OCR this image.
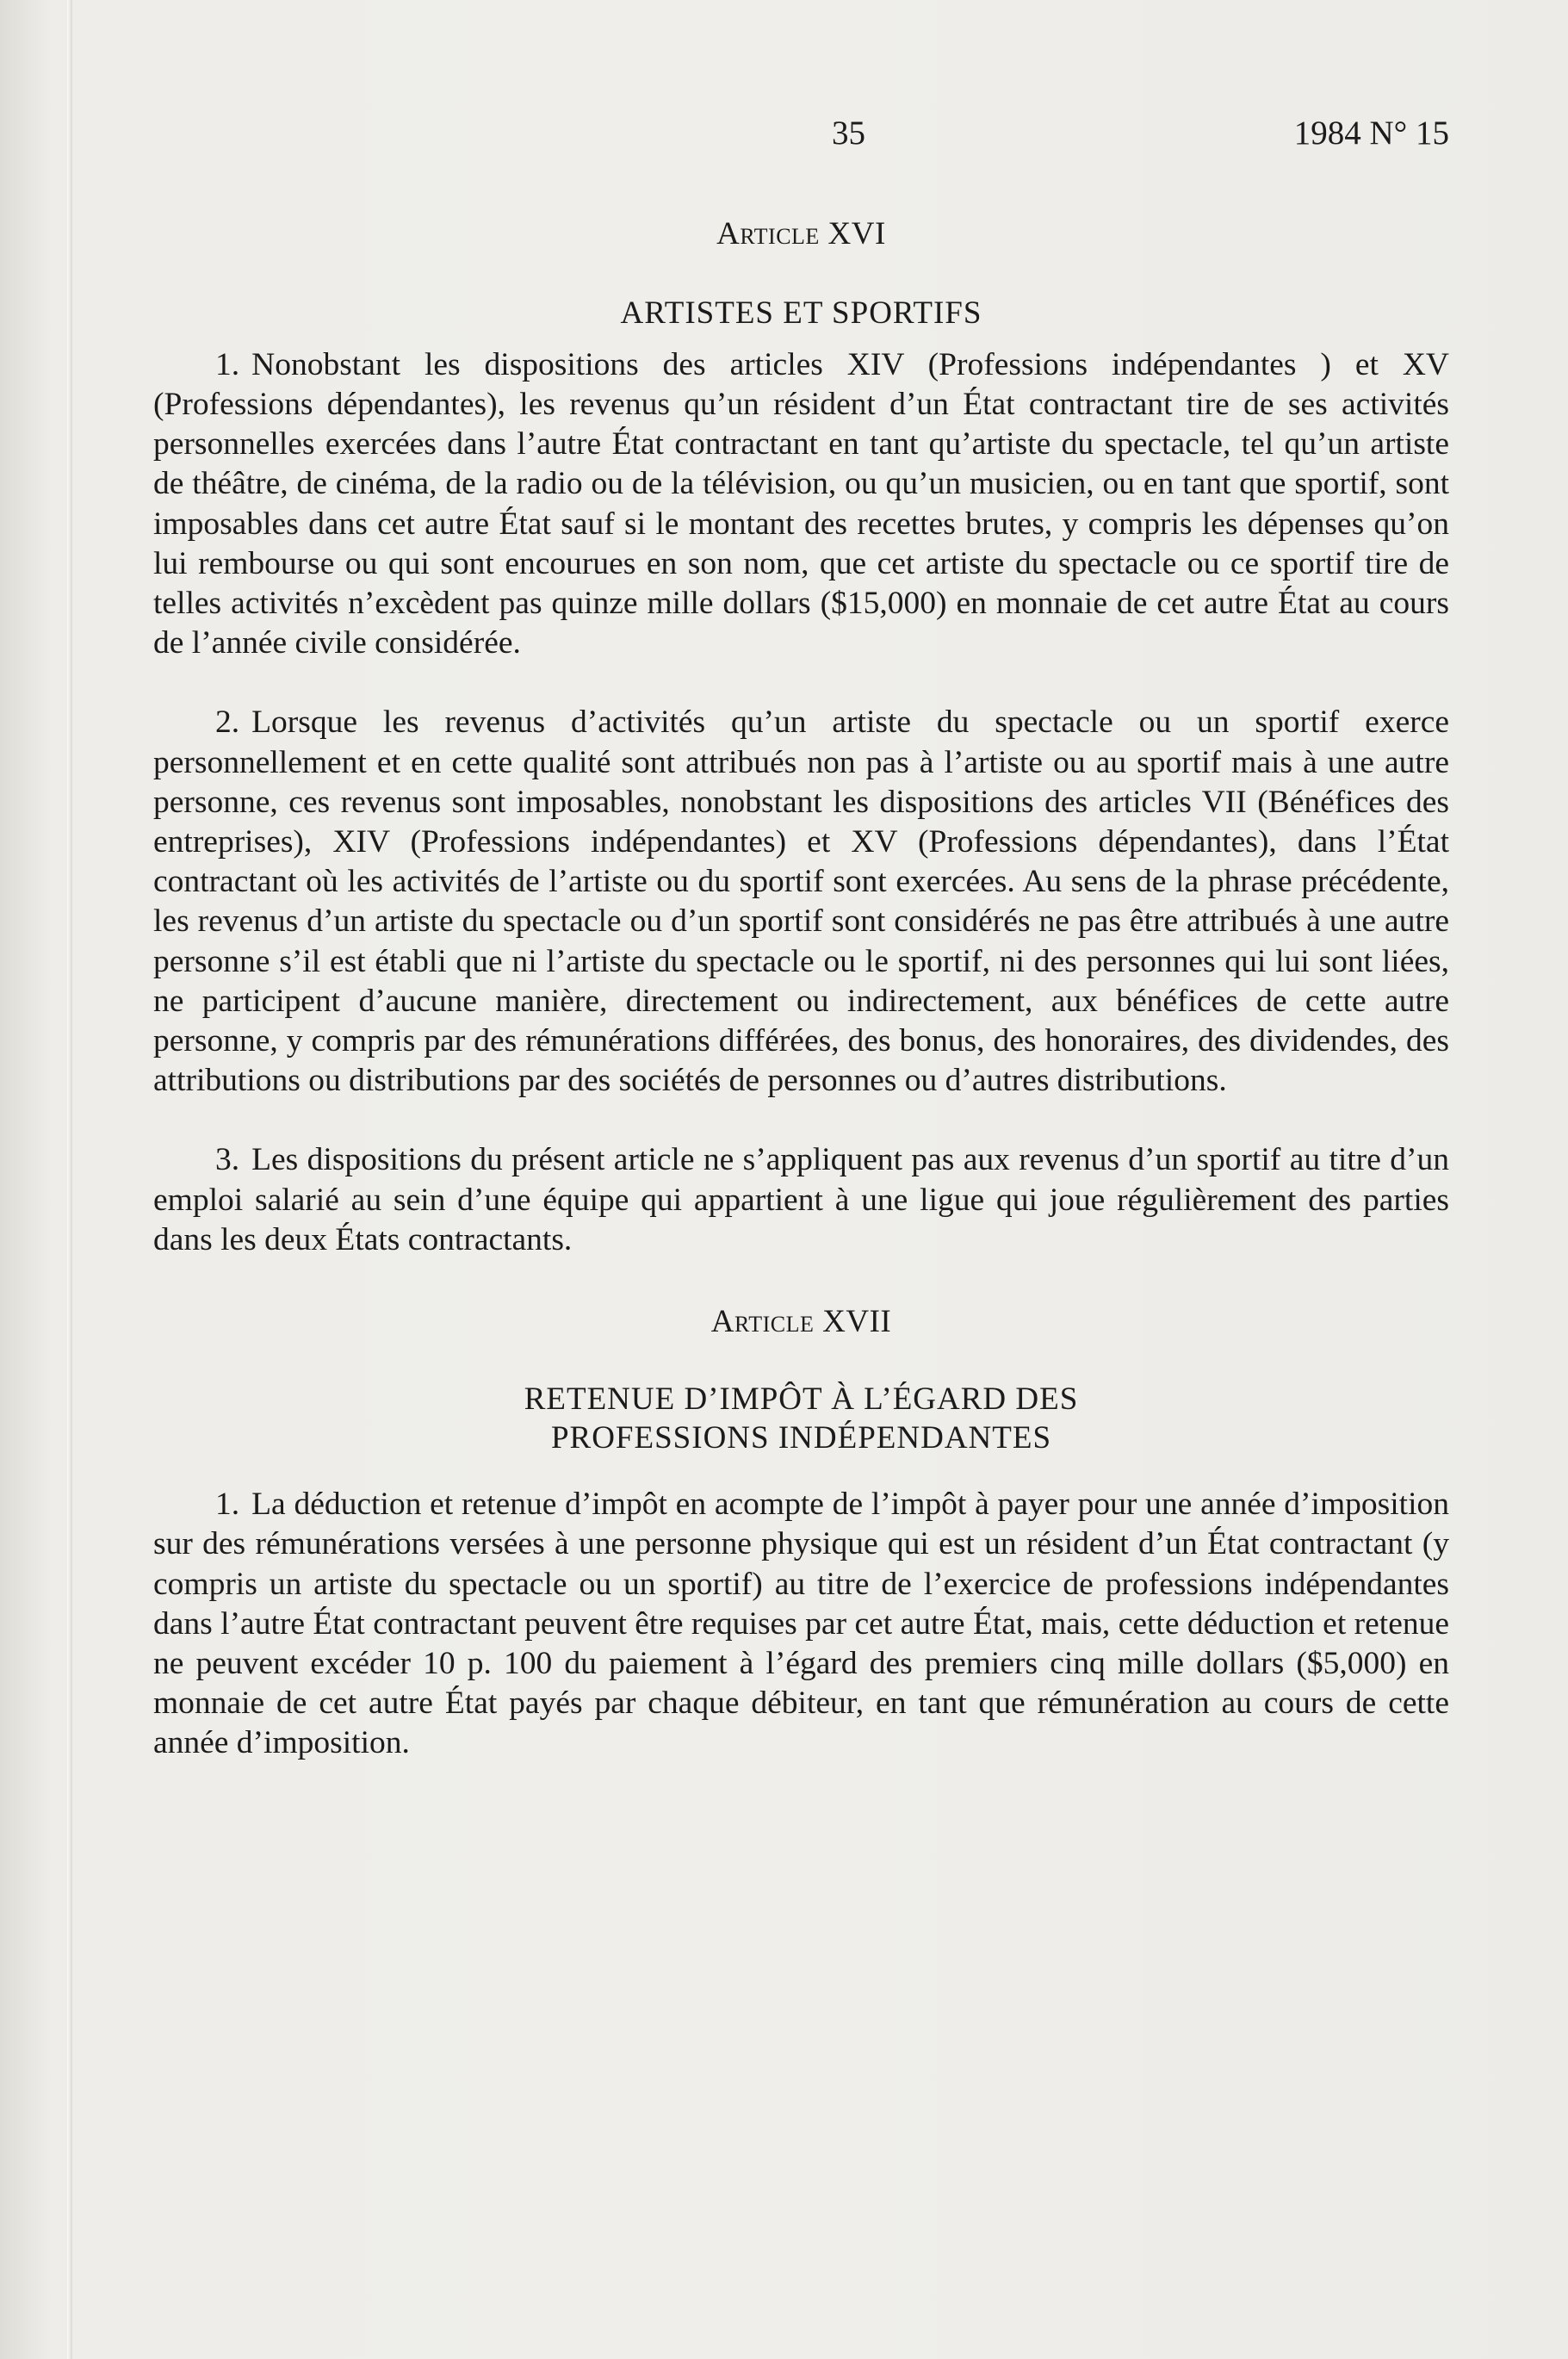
35	1984 N° 15
Article XVI
ARTISTES ET SPORTIFS

1. Nonobstant les dispositions des articles XIV (Professions indépendantes ) et XV (Professions dépendantes), les revenus qu’un résident d’un État contractant tire de ses activités personnelles exercées dans l’autre État contractant en tant qu’artiste du spectacle, tel qu’un artiste de théâtre, de cinéma, de la radio ou de la télévision, ou qu’un musicien, ou en tant que sportif, sont imposables dans cet autre État sauf si le montant des recettes brutes, y compris les dépenses qu’on lui rembourse ou qui sont encourues en son nom, que cet artiste du spectacle ou ce sportif tire de telles activités n’excèdent pas quinze mille dollars ($15,000) en monnaie de cet autre État au cours de l’année civile considérée.

2. Lorsque les revenus d’activités qu’un artiste du spectacle ou un sportif exerce personnellement et en cette qualité sont attribués non pas à l’artiste ou au sportif mais à une autre personne, ces revenus sont imposables, nonobstant les dispositions des articles VII (Bénéfices des entreprises), XIV (Professions indépendantes) et XV (Professions dépendantes), dans l’État contractant où les activités de l’artiste ou du sportif sont exercées. Au sens de la phrase précédente, les revenus d’un artiste du spectacle ou d’un sportif sont considérés ne pas être attribués à une autre personne s’il est établi que ni l’artiste du spectacle ou le sportif, ni des personnes qui lui sont liées, ne participent d’aucune manière, directement ou indirectement, aux bénéfices de cette autre personne, y compris par des rémunérations différées, des bonus, des honoraires, des dividendes, des attributions ou distributions par des sociétés de personnes ou d’autres distributions.

3. Les dispositions du présent article ne s’appliquent pas aux revenus d’un sportif au titre d’un emploi salarié au sein d’une équipe qui appartient à une ligue qui joue régulièrement des parties dans les deux États contractants.

Article XVII
RETENUE D’IMPÔT À L’ÉGARD DES
PROFESSIONS INDÉPENDANTES

1. La déduction et retenue d’impôt en acompte de l’impôt à payer pour une année d’imposition sur des rémunérations versées à une personne physique qui est un résident d’un État contractant (y compris un artiste du spectacle ou un sportif) au titre de l’exercice de professions indépendantes dans l’autre État contractant peuvent être requises par cet autre État, mais, cette déduction et retenue ne peuvent excéder 10 p. 100 du paiement à l’égard des premiers cinq mille dollars ($5,000) en monnaie de cet autre État payés par chaque débiteur, en tant que rémunération au cours de cette année d’imposition.
